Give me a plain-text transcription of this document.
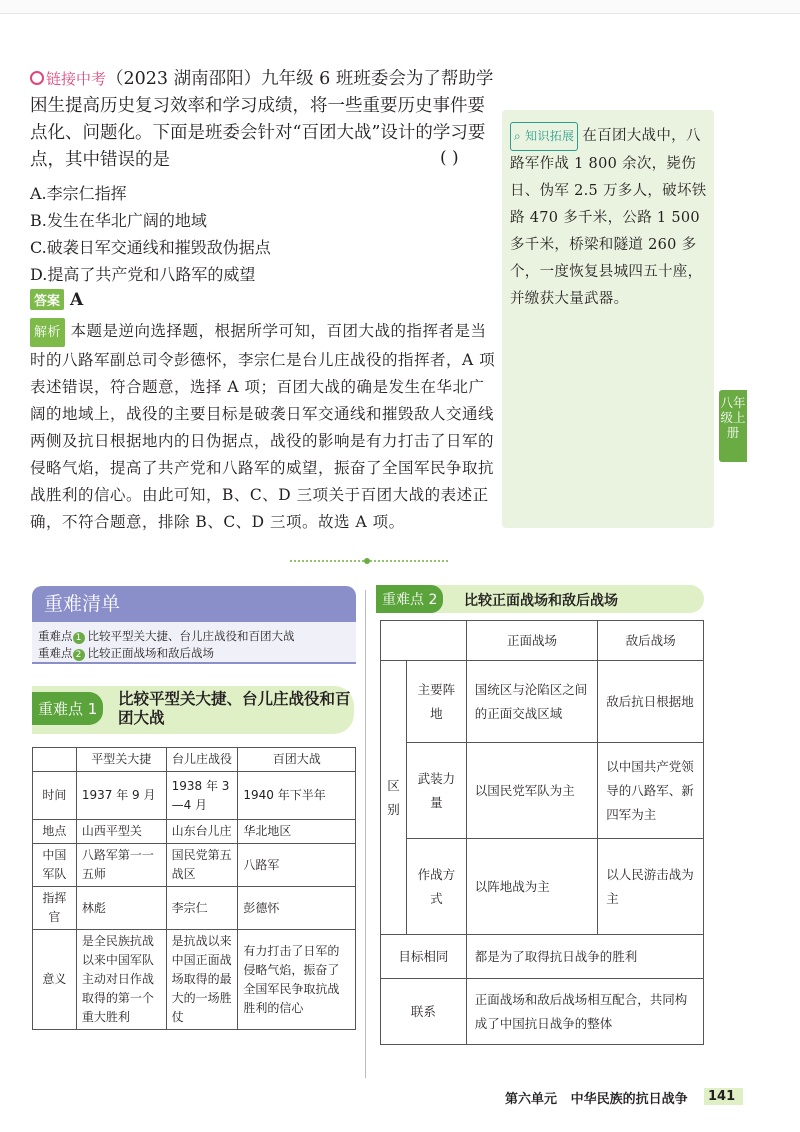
链接中考（2023 湖南邵阳）九年级 6 班班委会为了帮助学困生提高历史复习效率和学习成绩，将一些重要历史事件要点化、问题化。下面是班委会针对“百团大战”设计的学习要点，其中错误的是	( )
A.李宗仁指挥
B.发生在华北广阔的地域
C.破袭日军交通线和摧毁敌伪据点
D.提高了共产党和八路军的威望
答案 A
解析 本题是逆向选择题，根据所学可知，百团大战的指挥者是当时的八路军副总司令彭德怀，李宗仁是台儿庄战役的指挥者，A 项表述错误，符合题意，选择 A 项；百团大战的确是发生在华北广阔的地域上，战役的主要目标是破袭日军交通线和摧毁敌人交通线两侧及抗日根据地内的日伪据点，战役的影响是有力打击了日军的侵略气焰，提高了共产党和八路军的威望，振奋了全国军民争取抗战胜利的信心。由此可知，B、C、D 三项关于百团大战的表述正确，不符合题意，排除 B、C、D 三项。故选 A 项。
⌕ 知识拓展 在百团大战中，八路军作战 1 800 余次，毙伤日、伪军 2.5 万多人，破坏铁路 470 多千米，公路 1 500 多千米，桥梁和隧道 260 多个，一度恢复县城四五十座，并缴获大量武器。
八年级上册
重难清单
重难点 1 比较平型关大捷、台儿庄战役和百团大战
重难点 2 比较正面战场和敌后战场
重难点 1
比较平型关大捷、台儿庄战役和百团大战
	平型关大捷	台儿庄战役	百团大战
时间	1937 年 9 月	1938 年 3—4 月	1940 年下半年
地点	山西平型关	山东台儿庄	华北地区
中国军队	八路军第一一五师	国民党第五战区	八路军
指挥官	林彪	李宗仁	彭德怀
意义	是全民族抗战以来中国军队主动对日作战取得的第一个重大胜利	是抗战以来中国正面战场取得的最大的一场胜仗	有力打击了日军的侵略气焰，振奋了全国军民争取抗战胜利的信心
重难点 2	比较正面战场和敌后战场
		正面战场	敌后战场
区别	主要阵地	国统区与沦陷区之间的正面交战区域	敌后抗日根据地
	武装力量	以国民党军队为主	以中国共产党领导的八路军、新四军为主
	作战方式	以阵地战为主	以人民游击战为主
目标相同		都是为了取得抗日战争的胜利	
联系		正面战场和敌后战场相互配合，共同构成了中国抗日战争的整体	
第六单元 中华民族的抗日战争	141
